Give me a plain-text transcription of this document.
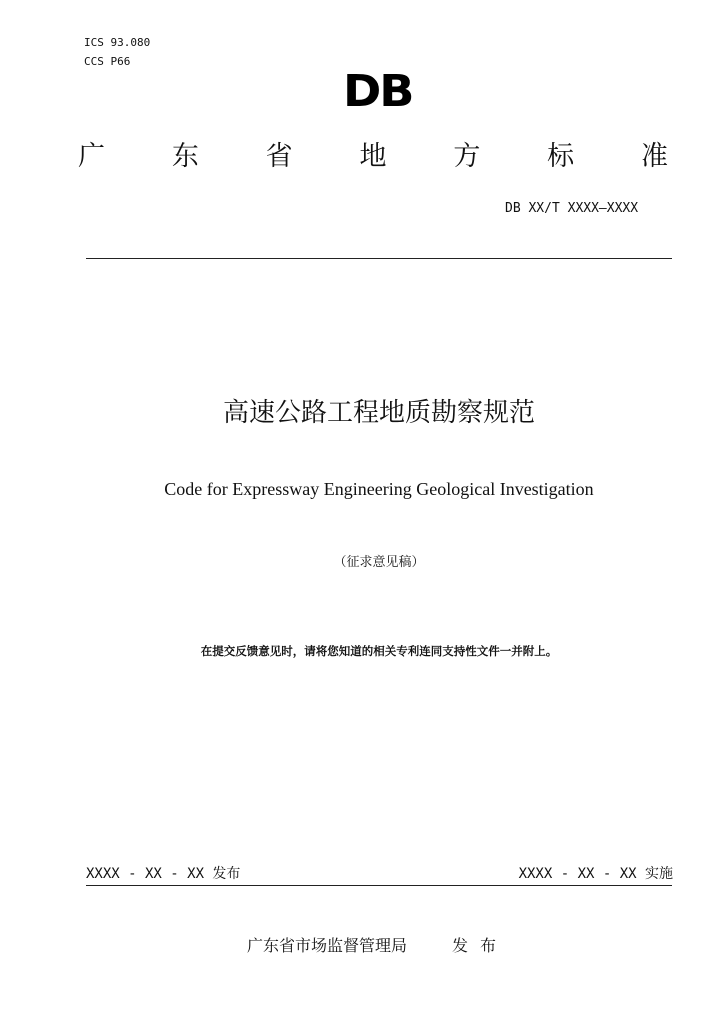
ICS 93.080
CCS P66
DB
广 东 省 地 方 标 准
DB XX/T XXXX—XXXX
高速公路工程地质勘察规范
Code for Expressway Engineering Geological Investigation
（征求意见稿）
在提交反馈意见时，请将您知道的相关专利连同支持性文件一并附上。
XXXX - XX - XX 发布	XXXX - XX - XX 实施
广东省市场监督管理局	发布
